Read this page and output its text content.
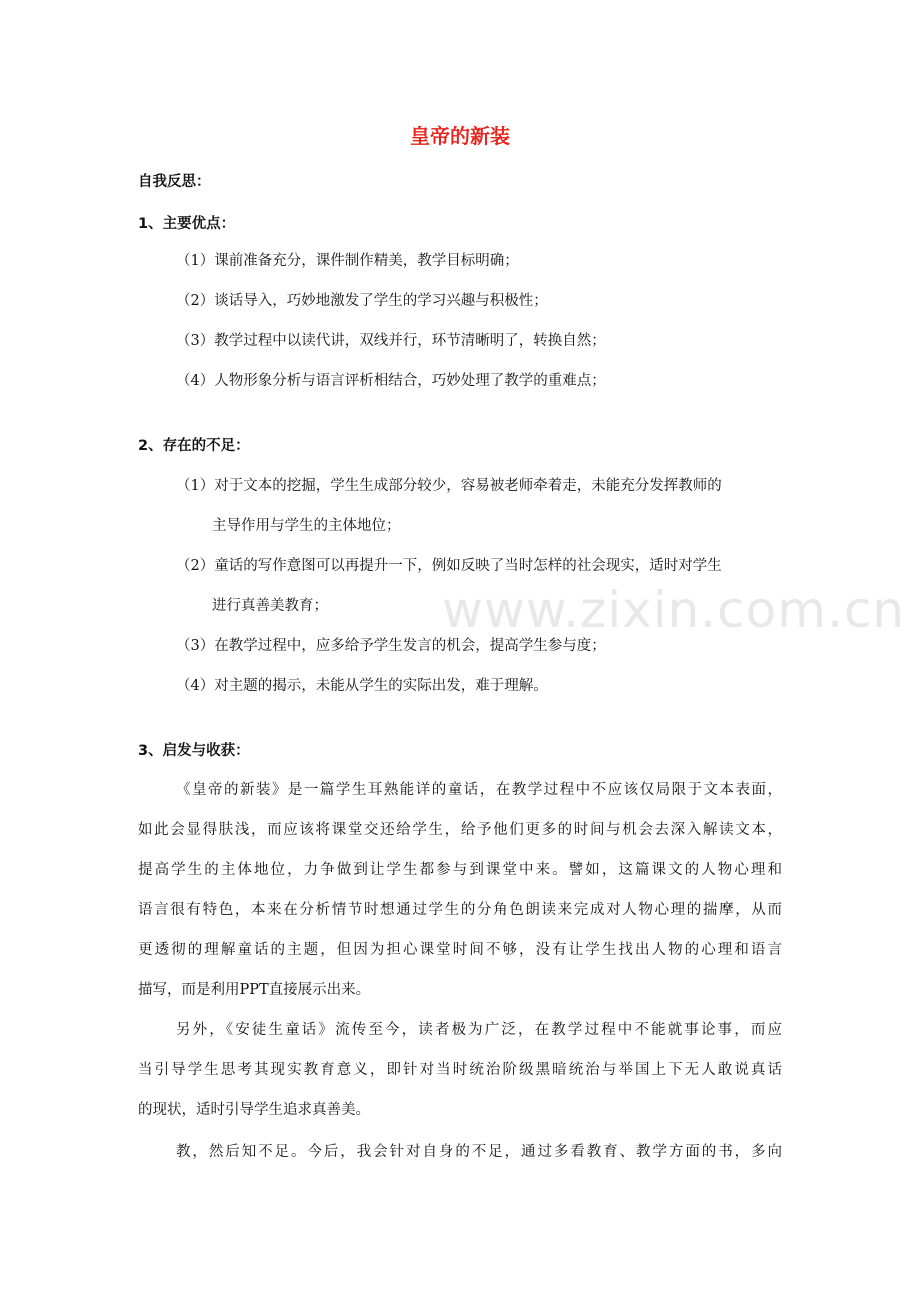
www.zixin.com.cn
皇帝的新装
自我反思：
1、主要优点：
（1）课前准备充分，课件制作精美，教学目标明确；
（2）谈话导入，巧妙地激发了学生的学习兴趣与积极性；
（3）教学过程中以读代讲，双线并行，环节清晰明了，转换自然；
（4）人物形象分析与语言评析相结合，巧妙处理了教学的重难点；
2、存在的不足：
（1）对于文本的挖掘，学生生成部分较少，容易被老师牵着走，未能充分发挥教师的
主导作用与学生的主体地位；
（2）童话的写作意图可以再提升一下，例如反映了当时怎样的社会现实，适时对学生
进行真善美教育；
（3）在教学过程中，应多给予学生发言的机会，提高学生参与度；
（4）对主题的揭示，未能从学生的实际出发，难于理解。
3、启发与收获：
《皇帝的新装》是一篇学生耳熟能详的童话，在教学过程中不应该仅局限于文本表面，
如此会显得肤浅，而应该将课堂交还给学生，给予他们更多的时间与机会去深入解读文本，
提高学生的主体地位，力争做到让学生都参与到课堂中来。譬如，这篇课文的人物心理和
语言很有特色，本来在分析情节时想通过学生的分角色朗读来完成对人物心理的揣摩，从而
更透彻的理解童话的主题，但因为担心课堂时间不够，没有让学生找出人物的心理和语言
描写，而是利用PPT直接展示出来。
另外，《安徒生童话》流传至今，读者极为广泛，在教学过程中不能就事论事，而应
当引导学生思考其现实教育意义，即针对当时统治阶级黑暗统治与举国上下无人敢说真话
的现状，适时引导学生追求真善美。
教，然后知不足。今后，我会针对自身的不足，通过多看教育、教学方面的书，多向
